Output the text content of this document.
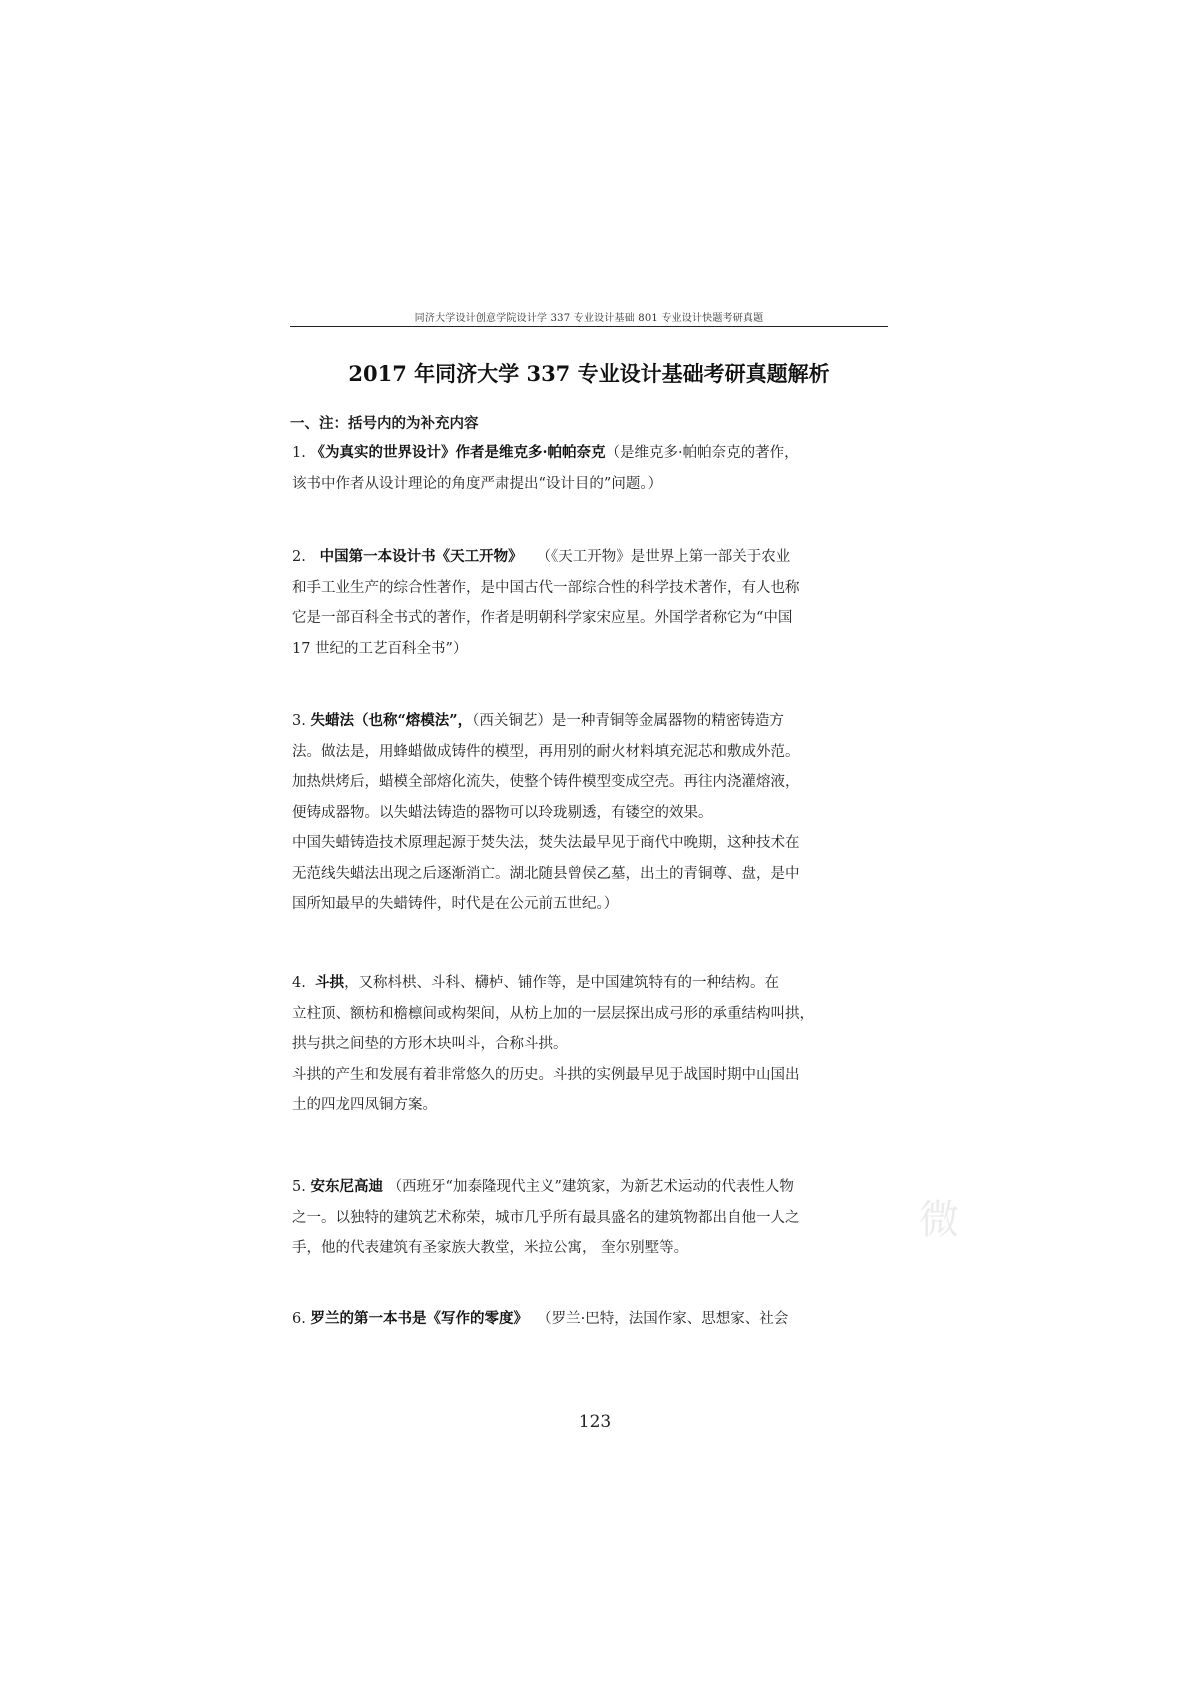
同济大学设计创意学院设计学 337 专业设计基础 801 专业设计快题考研真题
2017 年同济大学 337 专业设计基础考研真题解析
一、注：括号内的为补充内容
1. 《为真实的世界设计》作者是维克多·帕帕奈克（是维克多·帕帕奈克的著作，
该书中作者从设计理论的角度严肃提出“设计目的”问题。）
2. 中国第一本设计书《天工开物》 （《天工开物》是世界上第一部关于农业
和手工业生产的综合性著作，是中国古代一部综合性的科学技术著作，有人也称
它是一部百科全书式的著作，作者是明朝科学家宋应星。外国学者称它为“中国
17 世纪的工艺百科全书”）
3. 失蜡法（也称“熔模法”，（西关铜艺）是一种青铜等金属器物的精密铸造方
法。做法是，用蜂蜡做成铸件的模型，再用别的耐火材料填充泥芯和敷成外范。
加热烘烤后，蜡模全部熔化流失，使整个铸件模型变成空壳。再往内浇灌熔液，
便铸成器物。以失蜡法铸造的器物可以玲珑剔透，有镂空的效果。
中国失蜡铸造技术原理起源于焚失法，焚失法最早见于商代中晚期，这种技术在
无范线失蜡法出现之后逐渐消亡。湖北随县曾侯乙墓，出土的青铜尊、盘，是中
国所知最早的失蜡铸件，时代是在公元前五世纪。）
4. 斗拱，又称枓栱、斗科、欂栌、铺作等，是中国建筑特有的一种结构。在
立柱顶、额枋和檐檩间或构架间，从枋上加的一层层探出成弓形的承重结构叫拱，
拱与拱之间垫的方形木块叫斗，合称斗拱。
斗拱的产生和发展有着非常悠久的历史。斗拱的实例最早见于战国时期中山国出
土的四龙四凤铜方案。
5. 安东尼高迪 （西班牙“加泰隆现代主义”建筑家，为新艺术运动的代表性人物
之一。以独特的建筑艺术称荣，城市几乎所有最具盛名的建筑物都出自他一人之
手，他的代表建筑有圣家族大教堂，米拉公寓， 奎尔别墅等。
6. 罗兰的第一本书是《写作的零度》 （罗兰·巴特，法国作家、思想家、社会
微
123
